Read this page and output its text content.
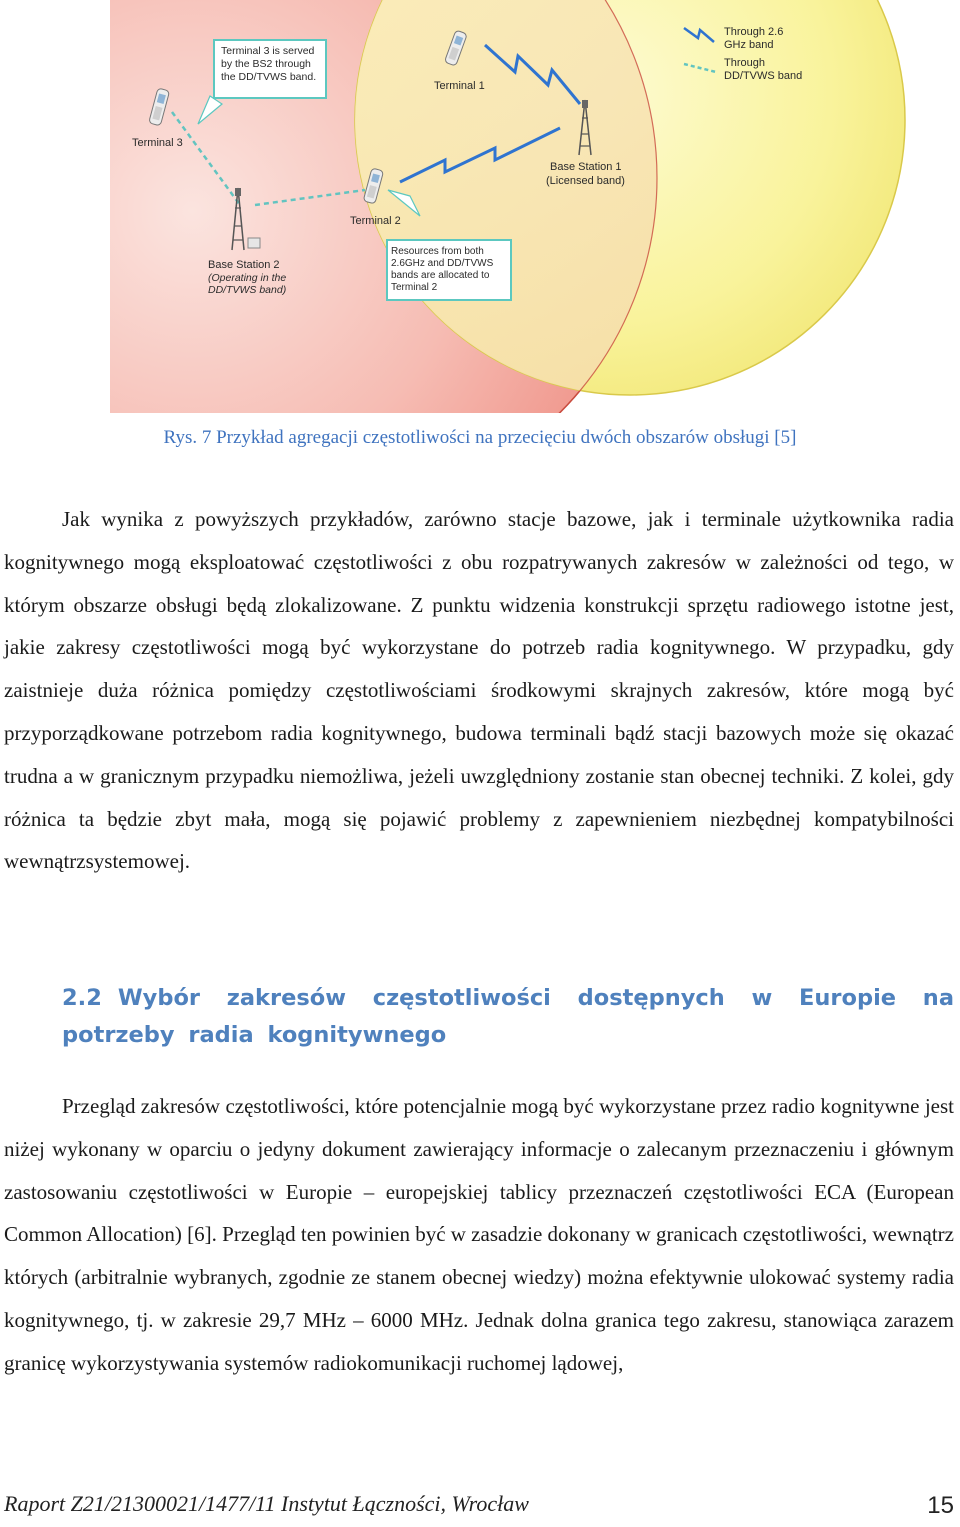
Terminal 3 is served
by the BS2 through
the DD/TVWS band.
Resources from both
2.6GHz and DD/TVWS
bands are allocated to
Terminal 2
Terminal 1
Terminal 2
Terminal 3
Base Station 1
(Licensed band)
Base Station 2
(Operating in the
DD/TVWS band)
Through 2.6
GHz band
Through
DD/TVWS band
Rys. 7 Przykład agregacji częstotliwości na przecięciu dwóch obszarów obsługi [5]

Jak wynika z powyższych przykładów, zarówno stacje bazowe, jak i terminale użytkownika radia kognitywnego mogą eksploatować częstotliwości z obu rozpatrywanych zakresów w zależności od tego, w którym obszarze obsługi będą zlokalizowane. Z punktu widzenia konstrukcji sprzętu radiowego istotne jest, jakie zakresy częstotliwości mogą być wykorzystane do potrzeb radia kognitywnego. W przypadku, gdy zaistnieje duża różnica pomiędzy częstotliwościami środkowymi skrajnych zakresów, które mogą być przyporządkowane potrzebom radia kognitywnego, budowa terminali bądź stacji bazowych może się okazać trudna a w granicznym przypadku niemożliwa, jeżeli uwzględniony zostanie stan obecnej techniki. Z kolei, gdy różnica ta będzie zbyt mała, mogą się pojawić problemy z zapewnieniem niezbędnej kompatybilności wewnątrzsystemowej.

2.2 Wybór zakresów częstotliwości dostępnych w Europie na potrzeby radia kognitywnego

Przegląd zakresów częstotliwości, które potencjalnie mogą być wykorzystane przez radio kognitywne jest niżej wykonany w oparciu o jedyny dokument zawierający informacje o zalecanym przeznaczeniu i głównym zastosowaniu częstotliwości w Europie – europejskiej tablicy przeznaczeń częstotliwości ECA (European Common Allocation) [6]. Przegląd ten powinien być w zasadzie dokonany w granicach częstotliwości, wewnątrz których (arbitralnie wybranych, zgodnie ze stanem obecnej wiedzy) można efektywnie ulokować systemy radia kognitywnego, tj. w zakresie 29,7 MHz – 6000 MHz. Jednak dolna granica tego zakresu, stanowiąca zarazem granicę wykorzystywania systemów radiokomunikacji ruchomej lądowej,

Raport Z21/21300021/1477/11 Instytut Łączności, Wrocław	15
